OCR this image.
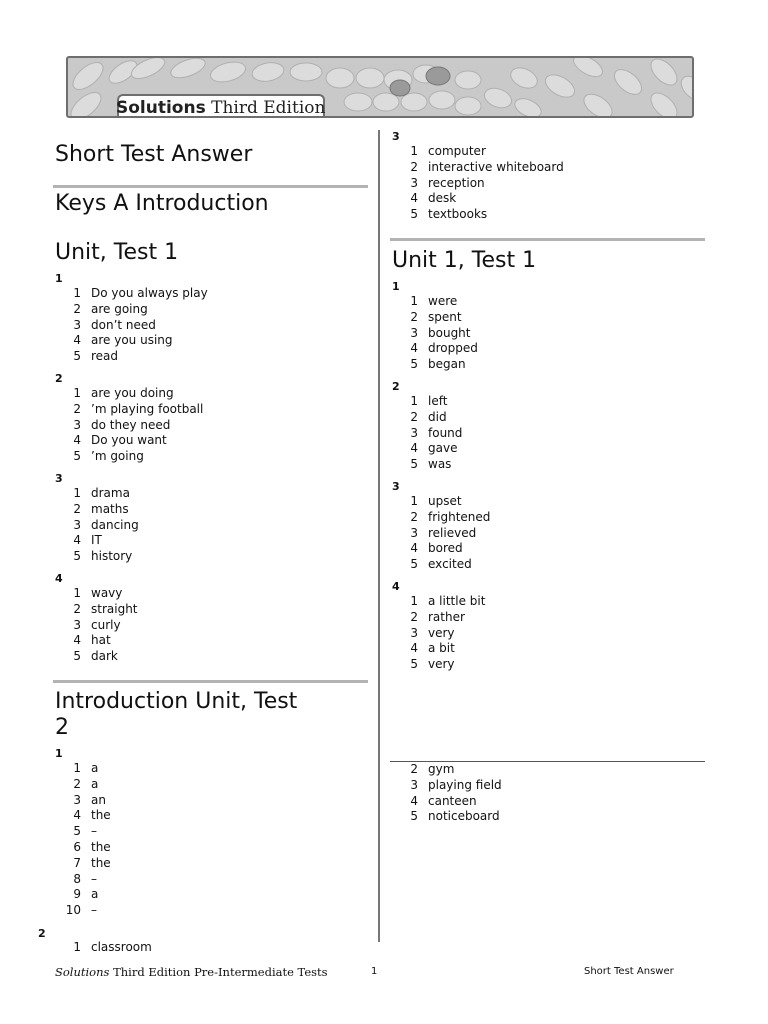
Solutions Third Edition
Short Test Answer
Keys A Introduction
Unit, Test 1
1
1 Do you always play
2 are going
3 don’t need
4 are you using
5 read
2
1 are you doing
2 ’m playing football
3 do they need
4 Do you want
5 ’m going
3
1 drama
2 maths
3 dancing
4 IT
5 history
4
1 wavy
2 straight
3 curly
4 hat
5 dark
Introduction Unit, Test
2
1
1 a
2 a
3 an
4 the
5 –
6 the
7 the
8 –
9 a
10 –
2
1 classroom
3
1 computer
2 interactive whiteboard
3 reception
4 desk
5 textbooks
Unit 1, Test 1
1
1 were
2 spent
3 bought
4 dropped
5 began
2
1 left
2 did
3 found
4 gave
5 was
3
1 upset
2 frightened
3 relieved
4 bored
5 excited
4
1 a little bit
2 rather
3 very
4 a bit
5 very
2 gym
3 playing field
4 canteen
5 noticeboard
Solutions Third Edition Pre-Intermediate Tests	1	Short Test Answer
